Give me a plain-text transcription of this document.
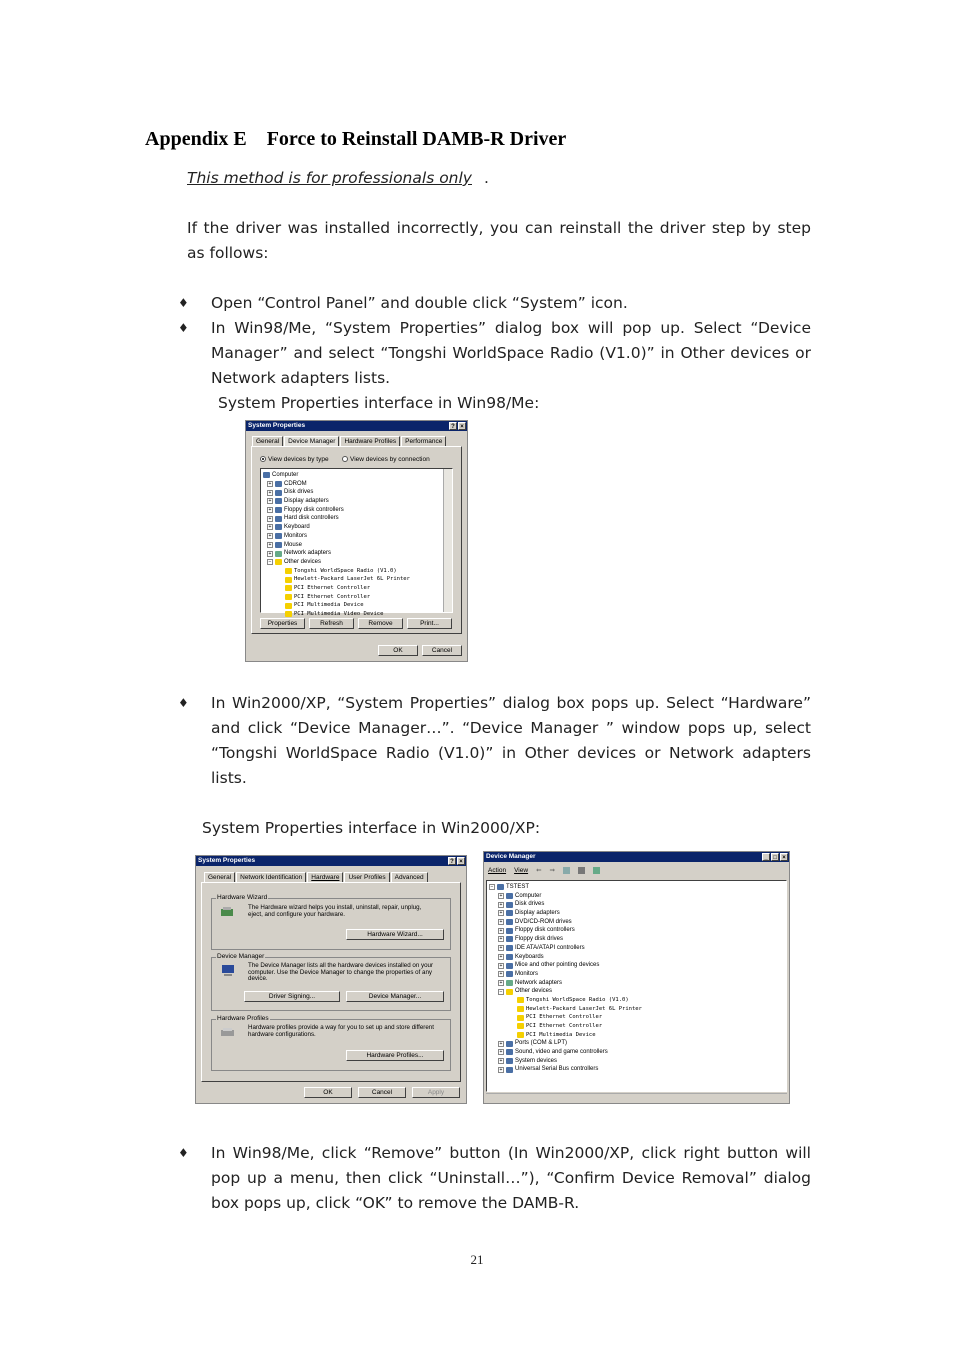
Appendix E Force to Reinstall DAMB-R Driver
This method is for professionals only .
If the driver was installed incorrectly, you can reinstall the driver step by step as follows:
♦ Open “Control Panel” and double click “System” icon.
♦ In Win98/Me, “System Properties” dialog box will pop up. Select “Device Manager” and select “Tongshi WorldSpace Radio (V1.0)” in Other devices or Network adapters lists.
System Properties interface in Win98/Me:
System Properties	? ×
General	Device Manager	Hardware Profiles	Performance
View devices by type	View devices by connection
Computer
+ CDROM
+ Disk drives
+ Display adapters
+ Floppy disk controllers
+ Hard disk controllers
+ Keyboard
+ Monitors
+ Mouse
+ Network adapters
− Other devices
Tongshi WorldSpace Radio (V1.0)
Hewlett-Packard LaserJet 6L Printer
PCI Ethernet Controller
PCI Ethernet Controller
PCI Multimedia Device
PCI Multimedia Video Device
Properties	Refresh	Remove	Print...
OK	Cancel
♦ In Win2000/XP, “System Properties” dialog box pops up. Select “Hardware” and click “Device Manager…”. “Device Manager ” window pops up, select “Tongshi WorldSpace Radio (V1.0)” in Other devices or Network adapters lists.
System Properties interface in Win2000/XP:
System Properties	? ×
General	Network Identification	Hardware	User Profiles	Advanced
Hardware Wizard
The Hardware wizard helps you install, uninstall, repair, unplug, eject, and configure your hardware.
Hardware Wizard...
Device Manager
The Device Manager lists all the hardware devices installed on your computer. Use the Device Manager to change the properties of any device.
Driver Signing...	Device Manager...
Hardware Profiles
Hardware profiles provide a way for you to set up and store different hardware configurations.
Hardware Profiles...
OK	Cancel	Apply
Device Manager	_ □ ×
Action View ⇐ ⇒
− TSTEST
+ Computer
+ Disk drives
+ Display adapters
+ DVD/CD-ROM drives
+ Floppy disk controllers
+ Floppy disk drives
+ IDE ATA/ATAPI controllers
+ Keyboards
+ Mice and other pointing devices
+ Monitors
+ Network adapters
− Other devices
Tongshi WorldSpace Radio (V1.0)
Hewlett-Packard LaserJet 6L Printer
PCI Ethernet Controller
PCI Ethernet Controller
PCI Multimedia Device
+ Ports (COM & LPT)
+ Sound, video and game controllers
+ System devices
+ Universal Serial Bus controllers
♦ In Win98/Me, click “Remove” button (In Win2000/XP, click right button will pop up a menu, then click “Uninstall…”), “Confirm Device Removal” dialog box pops up, click “OK” to remove the DAMB-R.
21
